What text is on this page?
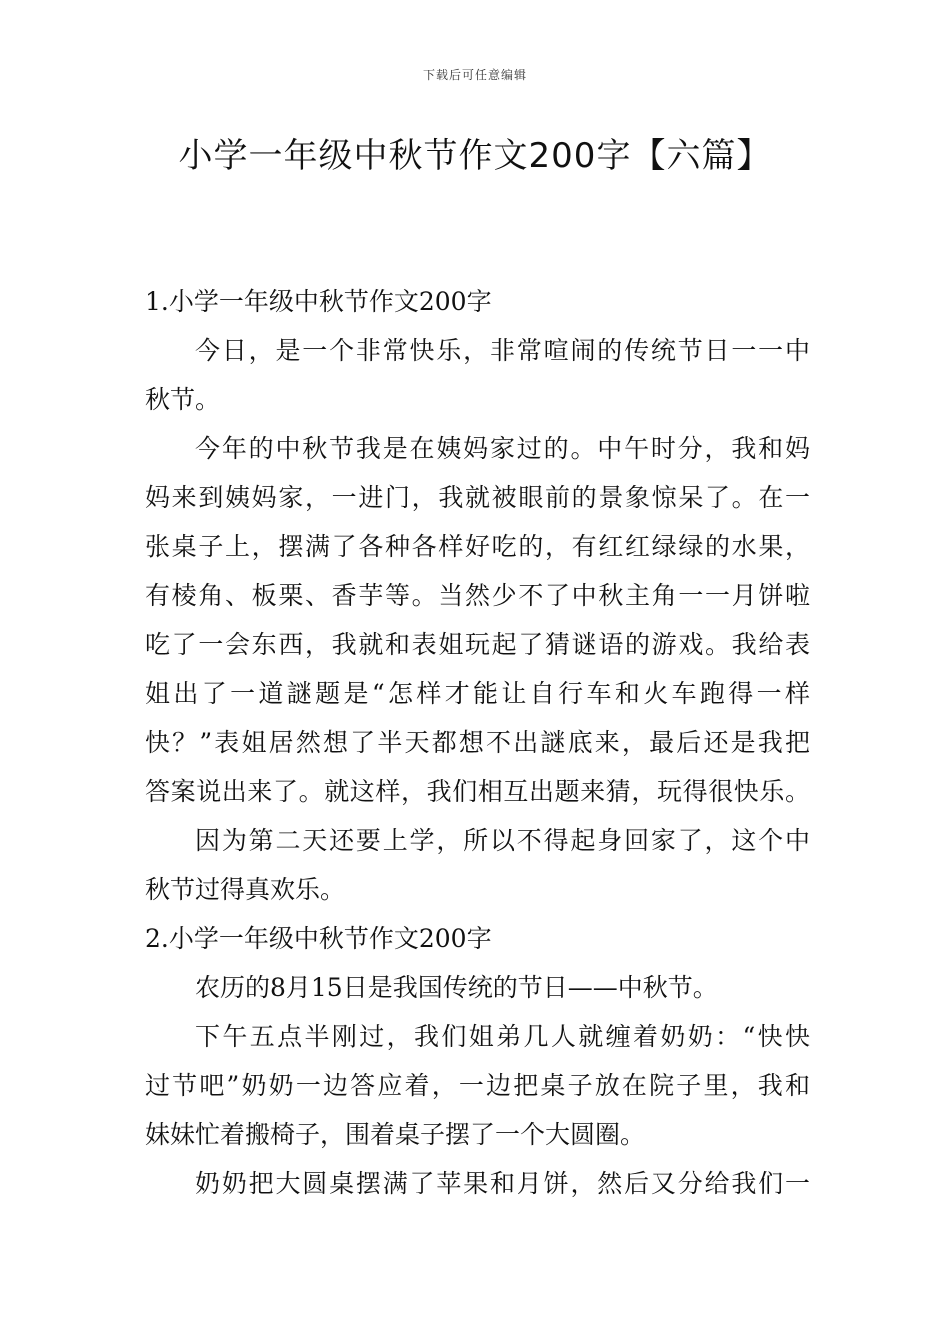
下载后可任意编辑
小学一年级中秋节作文200字【六篇】
1.小学一年级中秋节作文200字
今日，是一个非常快乐，非常喧闹的传统节日一一中
秋节。
今年的中秋节我是在姨妈家过的。中午时分，我和妈
妈来到姨妈家，一进门，我就被眼前的景象惊呆了。在一
张桌子上，摆满了各种各样好吃的，有红红绿绿的水果，
有棱角、板栗、香芋等。当然少不了中秋主角一一月饼啦
吃了一会东西，我就和表姐玩起了猜谜语的游戏。我给表
姐出了一道謎题是“怎样才能让自行车和火车跑得一样
快？”表姐居然想了半天都想不出謎底来，最后还是我把
答案说出来了。就这样，我们相互出题来猜，玩得很快乐。
因为第二天还要上学，所以不得起身回家了，这个中
秋节过得真欢乐。
2.小学一年级中秋节作文200字
农历的8月15日是我国传统的节日——中秋节。
下午五点半刚过，我们姐弟几人就缠着奶奶：“快快
过节吧”奶奶一边答应着，一边把桌子放在院子里，我和
妹妹忙着搬椅子，围着桌子摆了一个大圆圈。
奶奶把大圆桌摆满了苹果和月饼，然后又分给我们一
